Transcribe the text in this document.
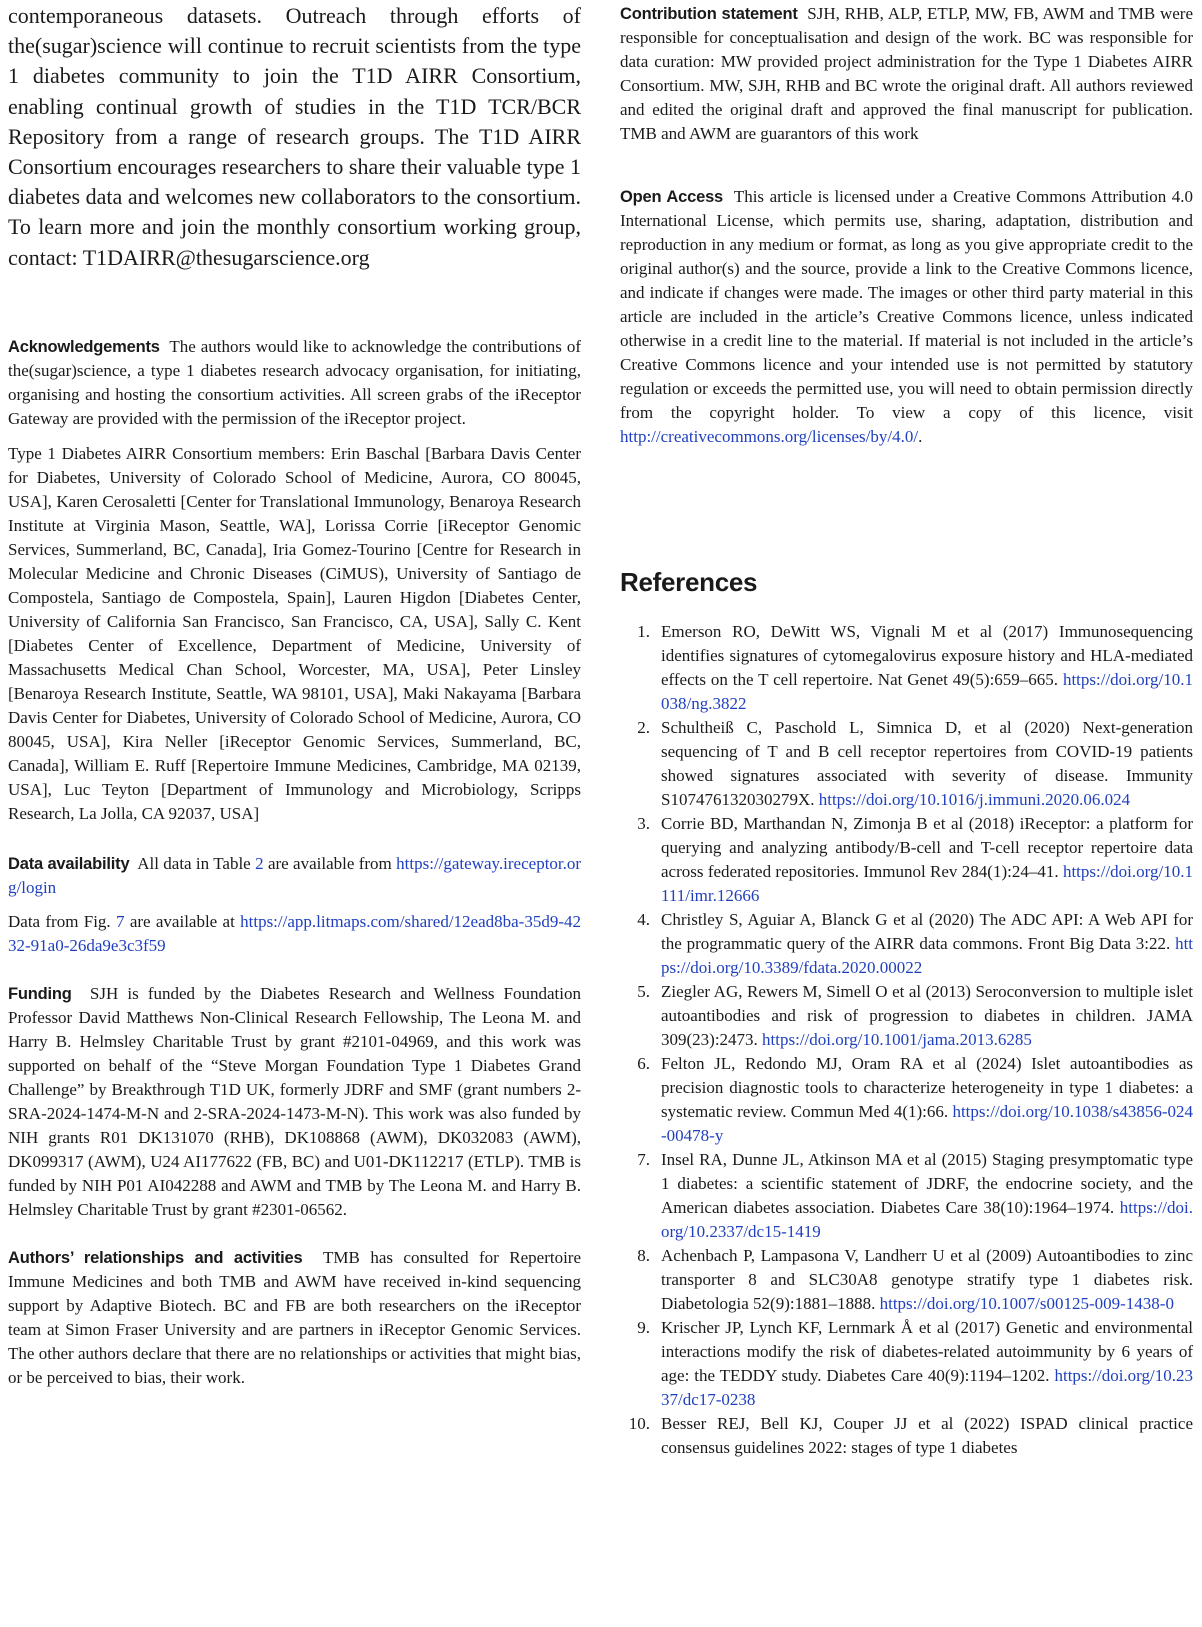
contemporaneous datasets. Outreach through efforts of the(sugar)science will continue to recruit scientists from the type 1 diabetes community to join the T1D AIRR Consortium, enabling continual growth of studies in the T1D TCR/BCR Repository from a range of research groups. The T1D AIRR Consortium encourages researchers to share their valuable type 1 diabetes data and welcomes new collaborators to the consortium. To learn more and join the monthly consortium working group, contact: T1DAIRR@thesugarscience.org

Acknowledgements The authors would like to acknowledge the contributions of the(sugar)science, a type 1 diabetes research advocacy organisation, for initiating, organising and hosting the consortium activities. All screen grabs of the iReceptor Gateway are provided with the permission of the iReceptor project.

Type 1 Diabetes AIRR Consortium members: Erin Baschal [Barbara Davis Center for Diabetes, University of Colorado School of Medicine, Aurora, CO 80045, USA], Karen Cerosaletti [Center for Translational Immunology, Benaroya Research Institute at Virginia Mason, Seattle, WA], Lorissa Corrie [iReceptor Genomic Services, Summerland, BC, Canada], Iria Gomez-Tourino [Centre for Research in Molecular Medicine and Chronic Diseases (CiMUS), University of Santiago de Compostela, Santiago de Compostela, Spain], Lauren Higdon [Diabetes Center, University of California San Francisco, San Francisco, CA, USA], Sally C. Kent [Diabetes Center of Excellence, Department of Medicine, University of Massachusetts Medical Chan School, Worcester, MA, USA], Peter Linsley [Benaroya Research Institute, Seattle, WA 98101, USA], Maki Nakayama [Barbara Davis Center for Diabetes, University of Colorado School of Medicine, Aurora, CO 80045, USA], Kira Neller [iReceptor Genomic Services, Summerland, BC, Canada], William E. Ruff [Repertoire Immune Medicines, Cambridge, MA 02139, USA], Luc Teyton [Department of Immunology and Microbiology, Scripps Research, La Jolla, CA 92037, USA]

Data availability All data in Table 2 are available from https://gateway.ireceptor.org/login

Data from Fig. 7 are available at https://app.litmaps.com/shared/12ead8ba-35d9-4232-91a0-26da9e3c3f59

Funding SJH is funded by the Diabetes Research and Wellness Foundation Professor David Matthews Non-Clinical Research Fellowship, The Leona M. and Harry B. Helmsley Charitable Trust by grant #2101-04969, and this work was supported on behalf of the “Steve Morgan Foundation Type 1 Diabetes Grand Challenge” by Breakthrough T1D UK, formerly JDRF and SMF (grant numbers 2-SRA-2024-1474-M-N and 2-SRA-2024-1473-M-N). This work was also funded by NIH grants R01 DK131070 (RHB), DK108868 (AWM), DK032083 (AWM), DK099317 (AWM), U24 AI177622 (FB, BC) and U01-DK112217 (ETLP). TMB is funded by NIH P01 AI042288 and AWM and TMB by The Leona M. and Harry B. Helmsley Charitable Trust by grant #2301-06562.

Authors’ relationships and activities TMB has consulted for Repertoire Immune Medicines and both TMB and AWM have received in-kind sequencing support by Adaptive Biotech. BC and FB are both researchers on the iReceptor team at Simon Fraser University and are partners in iReceptor Genomic Services. The other authors declare that there are no relationships or activities that might bias, or be perceived to bias, their work.

Contribution statement SJH, RHB, ALP, ETLP, MW, FB, AWM and TMB were responsible for conceptualisation and design of the work. BC was responsible for data curation: MW provided project administration for the Type 1 Diabetes AIRR Consortium. MW, SJH, RHB and BC wrote the original draft. All authors reviewed and edited the original draft and approved the final manuscript for publication. TMB and AWM are guarantors of this work

Open Access This article is licensed under a Creative Commons Attribution 4.0 International License, which permits use, sharing, adaptation, distribution and reproduction in any medium or format, as long as you give appropriate credit to the original author(s) and the source, provide a link to the Creative Commons licence, and indicate if changes were made. The images or other third party material in this article are included in the article’s Creative Commons licence, unless indicated otherwise in a credit line to the material. If material is not included in the article’s Creative Commons licence and your intended use is not permitted by statutory regulation or exceeds the permitted use, you will need to obtain permission directly from the copyright holder. To view a copy of this licence, visit http://creativecommons.org/licenses/by/4.0/.

References
1. Emerson RO, DeWitt WS, Vignali M et al (2017) Immunosequencing identifies signatures of cytomegalovirus exposure history and HLA-mediated effects on the T cell repertoire. Nat Genet 49(5):659–665. https://doi.org/10.1038/ng.3822
2. Schultheiß C, Paschold L, Simnica D, et al (2020) Next-generation sequencing of T and B cell receptor repertoires from COVID-19 patients showed signatures associated with severity of disease. Immunity S107476132030279X. https://doi.org/10.1016/j.immuni.2020.06.024
3. Corrie BD, Marthandan N, Zimonja B et al (2018) iReceptor: a platform for querying and analyzing antibody/B-cell and T-cell receptor repertoire data across federated repositories. Immunol Rev 284(1):24–41. https://doi.org/10.1111/imr.12666
4. Christley S, Aguiar A, Blanck G et al (2020) The ADC API: A Web API for the programmatic query of the AIRR data commons. Front Big Data 3:22. https://doi.org/10.3389/fdata.2020.00022
5. Ziegler AG, Rewers M, Simell O et al (2013) Seroconversion to multiple islet autoantibodies and risk of progression to diabetes in children. JAMA 309(23):2473. https://doi.org/10.1001/jama.2013.6285
6. Felton JL, Redondo MJ, Oram RA et al (2024) Islet autoantibodies as precision diagnostic tools to characterize heterogeneity in type 1 diabetes: a systematic review. Commun Med 4(1):66. https://doi.org/10.1038/s43856-024-00478-y
7. Insel RA, Dunne JL, Atkinson MA et al (2015) Staging presymptomatic type 1 diabetes: a scientific statement of JDRF, the endocrine society, and the American diabetes association. Diabetes Care 38(10):1964–1974. https://doi.org/10.2337/dc15-1419
8. Achenbach P, Lampasona V, Landherr U et al (2009) Autoantibodies to zinc transporter 8 and SLC30A8 genotype stratify type 1 diabetes risk. Diabetologia 52(9):1881–1888. https://doi.org/10.1007/s00125-009-1438-0
9. Krischer JP, Lynch KF, Lernmark Å et al (2017) Genetic and environmental interactions modify the risk of diabetes-related autoimmunity by 6 years of age: the TEDDY study. Diabetes Care 40(9):1194–1202. https://doi.org/10.2337/dc17-0238
10. Besser REJ, Bell KJ, Couper JJ et al (2022) ISPAD clinical practice consensus guidelines 2022: stages of type 1 diabetes
